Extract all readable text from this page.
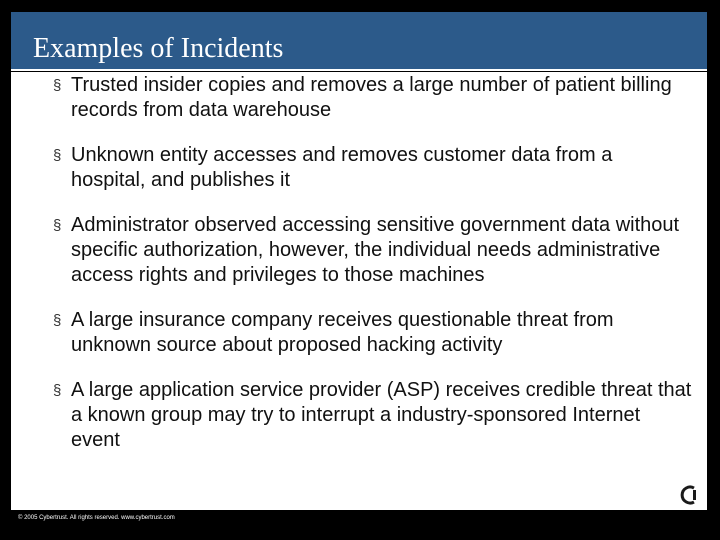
Examples of Incidents
§ Trusted insider copies and removes a large number of patient billing records from data warehouse
§ Unknown entity accesses and removes customer data from a hospital, and publishes it
§ Administrator observed accessing sensitive government data without specific authorization, however, the individual needs administrative access rights and privileges to those machines
§ A large insurance company receives questionable threat from unknown source about proposed hacking activity
§ A large application service provider (ASP) receives credible threat that a known group may try to interrupt a industry-sponsored Internet event
© 2005 Cybertrust. All rights reserved. www.cybertrust.com
